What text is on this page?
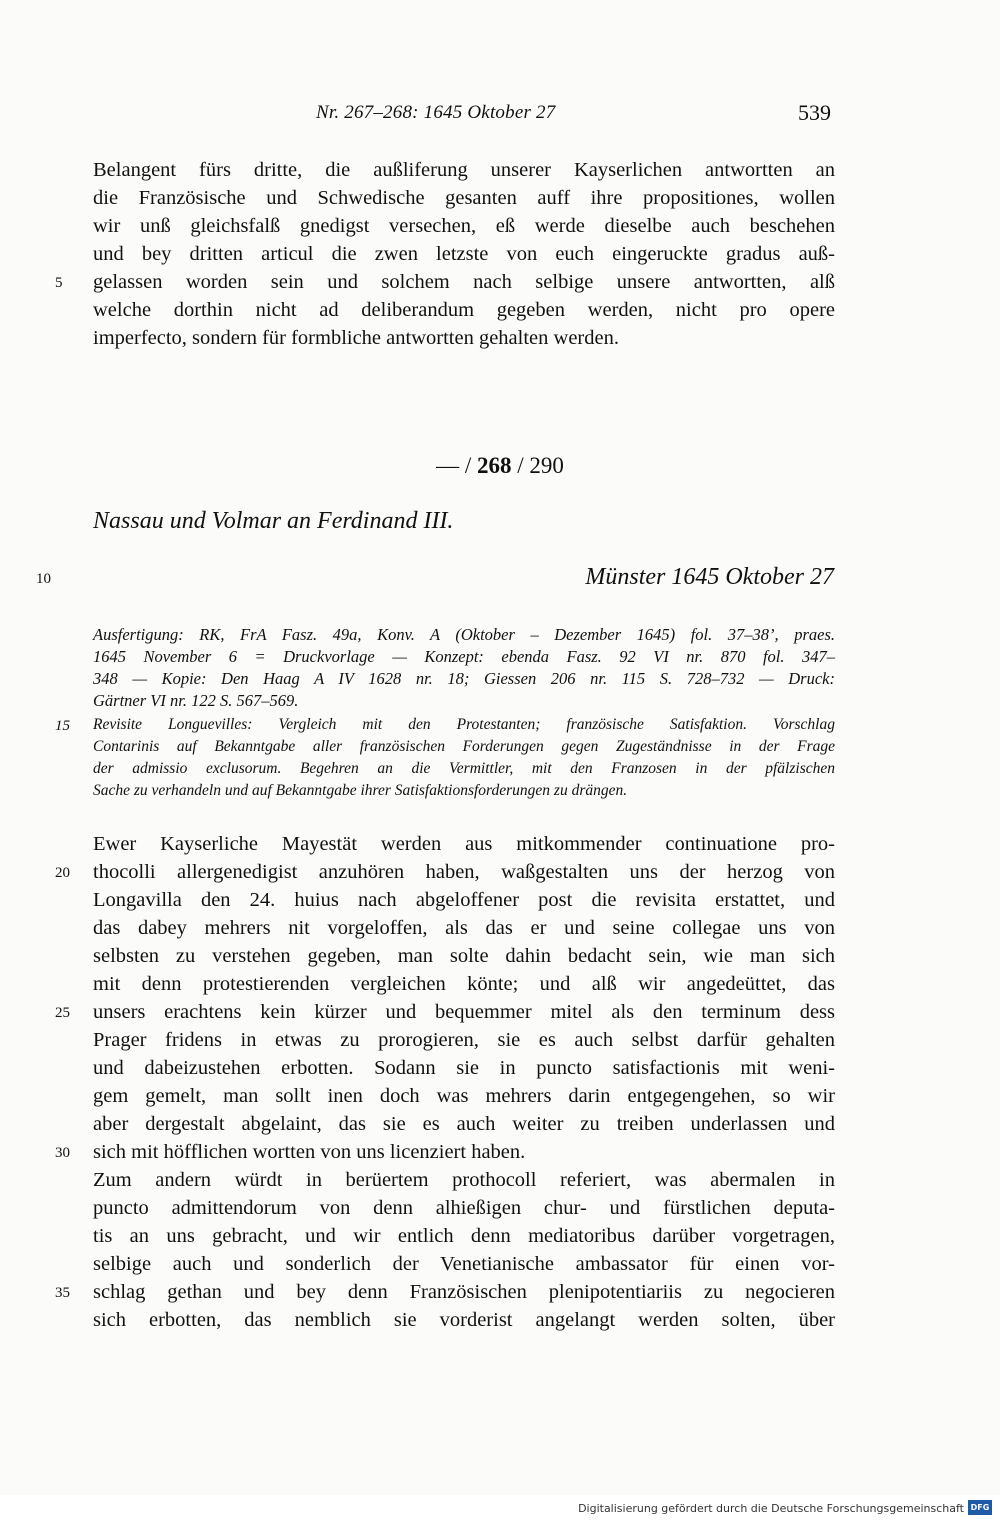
Nr. 267–268: 1645 Oktober 27	539
Belangent fürs dritte, die außliferung unserer Kayserlichen antwortten an
die Französische und Schwedische gesanten auff ihre propositiones, wollen
wir unß gleichsfalß gnedigst versechen, eß werde dieselbe auch beschehen
und bey dritten articul die zwen letzste von euch eingeruckte gradus auß-
5	gelassen worden sein und solchem nach selbige unsere antwortten, alß
welche dorthin nicht ad deliberandum gegeben werden, nicht pro opere
imperfecto, sondern für formbliche antwortten gehalten werden.
— / 268 / 290
Nassau und Volmar an Ferdinand III.
10	Münster 1645 Oktober 27
Ausfertigung: RK, FrA Fasz. 49a, Konv. A (Oktober – Dezember 1645) fol. 37–38’, praes.
1645 November 6 = Druckvorlage — Konzept: ebenda Fasz. 92 VI nr. 870 fol. 347–
348 — Kopie: Den Haag A IV 1628 nr. 18; Giessen 206 nr. 115 S. 728–732 — Druck:
Gärtner VI nr. 122 S. 567–569.
15	Revisite Longuevilles: Vergleich mit den Protestanten; französische Satisfaktion. Vorschlag
Contarinis auf Bekanntgabe aller französischen Forderungen gegen Zugeständnisse in der Frage
der admissio exclusorum. Begehren an die Vermittler, mit den Franzosen in der pfälzischen
Sache zu verhandeln und auf Bekanntgabe ihrer Satisfaktionsforderungen zu drängen.
Ewer Kayserliche Mayestät werden aus mitkommender continuatione pro-
20	thocolli allergenedigist anzuhören haben, waßgestalten uns der herzog von
Longavilla den 24. huius nach abgeloffener post die revisita erstattet, und
das dabey mehrers nit vorgeloffen, als das er und seine collegae uns von
selbsten zu verstehen gegeben, man solte dahin bedacht sein, wie man sich
mit denn protestierenden vergleichen könte; und alß wir angedeüttet, das
25	unsers erachtens kein kürzer und bequemmer mitel als den terminum dess
Prager fridens in etwas zu prorogieren, sie es auch selbst darfür gehalten
und dabeizustehen erbotten. Sodann sie in puncto satisfactionis mit weni-
gem gemelt, man sollt inen doch was mehrers darin entgegengehen, so wir
aber dergestalt abgelaint, das sie es auch weiter zu treiben underlassen und
30	sich mit höfflichen wortten von uns licenziert haben.
Zum andern würdt in berüertem prothocoll referiert, was abermalen in
puncto admittendorum von denn alhießigen chur- und fürstlichen deputa-
tis an uns gebracht, und wir entlich denn mediatoribus darüber vorgetragen,
selbige auch und sonderlich der Venetianische ambassator für einen vor-
35	schlag gethan und bey denn Französischen plenipotentiariis zu negocieren
sich erbotten, das nemblich sie vorderist angelangt werden solten, über
Digitalisierung gefördert durch die Deutsche Forschungsgemeinschaft DFG
